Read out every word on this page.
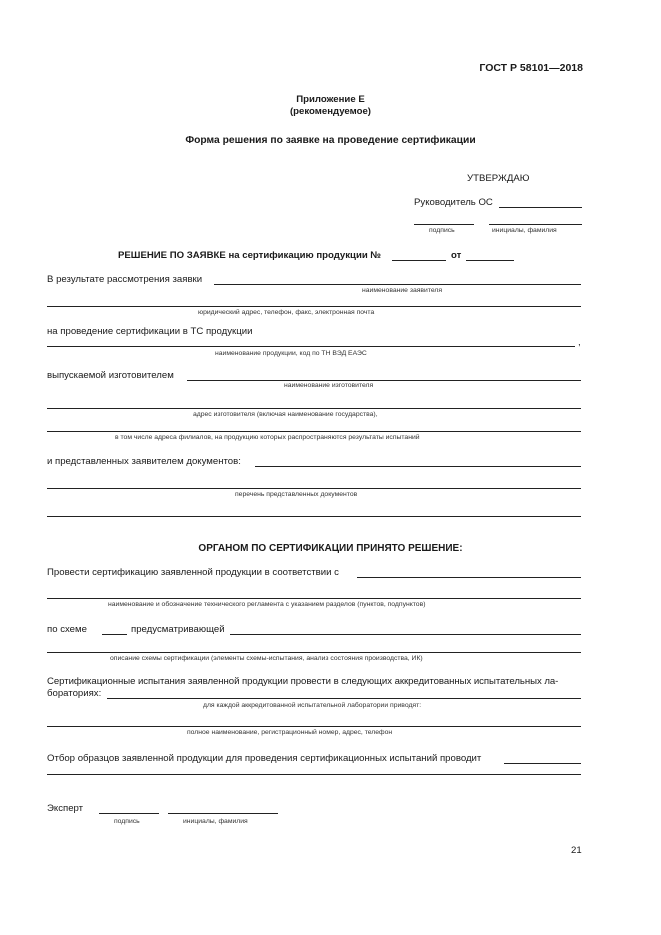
ГОСТ Р 58101—2018
Приложение Е
(рекомендуемое)
Форма решения по заявке на проведение сертификации
УТВЕРЖДАЮ
Руководитель ОС
подпись	инициалы, фамилия
РЕШЕНИЕ ПО ЗАЯВКЕ на сертификацию продукции №	от
В результате рассмотрения заявки
наименование заявителя
юридический адрес, телефон, факс, электронная почта
на проведение сертификации в ТС продукции
,
наименование продукции, код по ТН ВЭД ЕАЭС
выпускаемой изготовителем
наименование изготовителя
адрес изготовителя (включая наименование государства),
в том числе адреса филиалов, на продукцию которых распространяются результаты испытаний
и представленных заявителем документов:
перечень представленных документов
ОРГАНОМ ПО СЕРТИФИКАЦИИ ПРИНЯТО РЕШЕНИЕ:
Провести сертификацию заявленной продукции в соответствии с
наименование и обозначение технического регламента с указанием разделов (пунктов, подпунктов)
по схеме	предусматривающей
описание схемы сертификации (элементы схемы-испытания, анализ состояния производства, ИК)
Сертификационные испытания заявленной продукции провести в следующих аккредитованных испытательных ла-
бораториях:
для каждой аккредитованной испытательной лаборатории приводят:
полное наименование, регистрационный номер, адрес, телефон
Отбор образцов заявленной продукции для проведения сертификационных испытаний проводит
Эксперт
подпись	инициалы, фамилия
21
